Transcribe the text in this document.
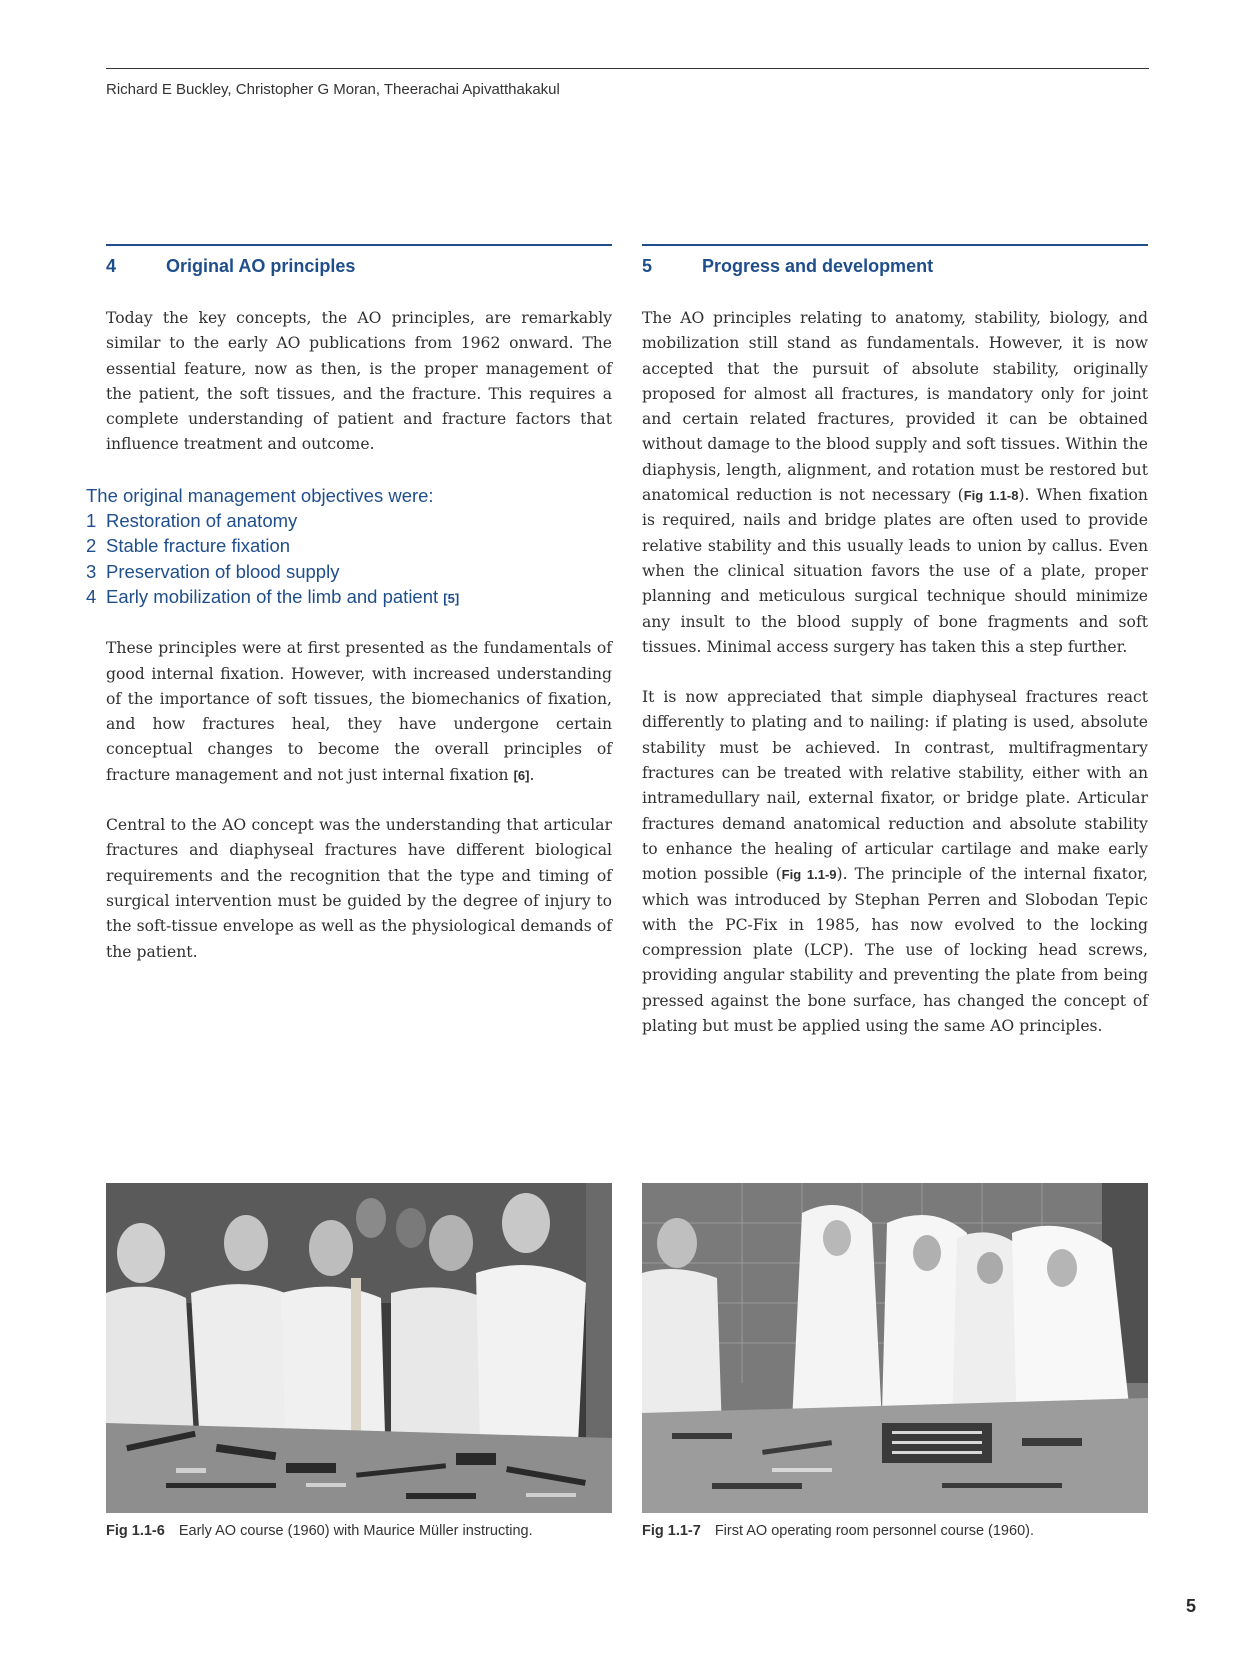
Richard E Buckley, Christopher G Moran, Theerachai Apivatthakakul
4	Original AO principles

Today the key concepts, the AO principles, are remarkably similar to the early AO publications from 1962 onward. The essential feature, now as then, is the proper management of the patient, the soft tissues, and the fracture. This requires a complete understanding of patient and fracture factors that influence treatment and outcome.

The original management objectives were:
1 Restoration of anatomy
2 Stable fracture fixation
3 Preservation of blood supply
4 Early mobilization of the limb and patient [5]

These principles were at first presented as the fundamentals of good internal fixation. However, with increased understanding of the importance of soft tissues, the biomechanics of fixation, and how fractures heal, they have undergone certain conceptual changes to become the overall principles of fracture management and not just internal fixation [6].

Central to the AO concept was the understanding that articular fractures and diaphyseal fractures have different biological requirements and the recognition that the type and timing of surgical intervention must be guided by the degree of injury to the soft-tissue envelope as well as the physiological demands of the patient.

5	Progress and development

The AO principles relating to anatomy, stability, biology, and mobilization still stand as fundamentals. However, it is now accepted that the pursuit of absolute stability, originally proposed for almost all fractures, is mandatory only for joint and certain related fractures, provided it can be obtained without damage to the blood supply and soft tissues. Within the diaphysis, length, alignment, and rotation must be restored but anatomical reduction is not necessary (Fig 1.1-8). When fixation is required, nails and bridge plates are often used to provide relative stability and this usually leads to union by callus. Even when the clinical situation favors the use of a plate, proper planning and meticulous surgical technique should minimize any insult to the blood supply of bone fragments and soft tissues. Minimal access surgery has taken this a step further.

It is now appreciated that simple diaphyseal fractures react differently to plating and to nailing: if plating is used, absolute stability must be achieved. In contrast, multifragmentary fractures can be treated with relative stability, either with an intramedullary nail, external fixator, or bridge plate. Articular fractures demand anatomical reduction and absolute stability to enhance the healing of articular cartilage and make early motion possible (Fig 1.1-9). The principle of the internal fixator, which was introduced by Stephan Perren and Slobodan Tepic with the PC-Fix in 1985, has now evolved to the locking compression plate (LCP). The use of locking head screws, providing angular stability and preventing the plate from being pressed against the bone surface, has changed the concept of plating but must be applied using the same AO principles.

Fig 1.1-6 Early AO course (1960) with Maurice Müller instructing.	Fig 1.1-7 First AO operating room personnel course (1960).
5
